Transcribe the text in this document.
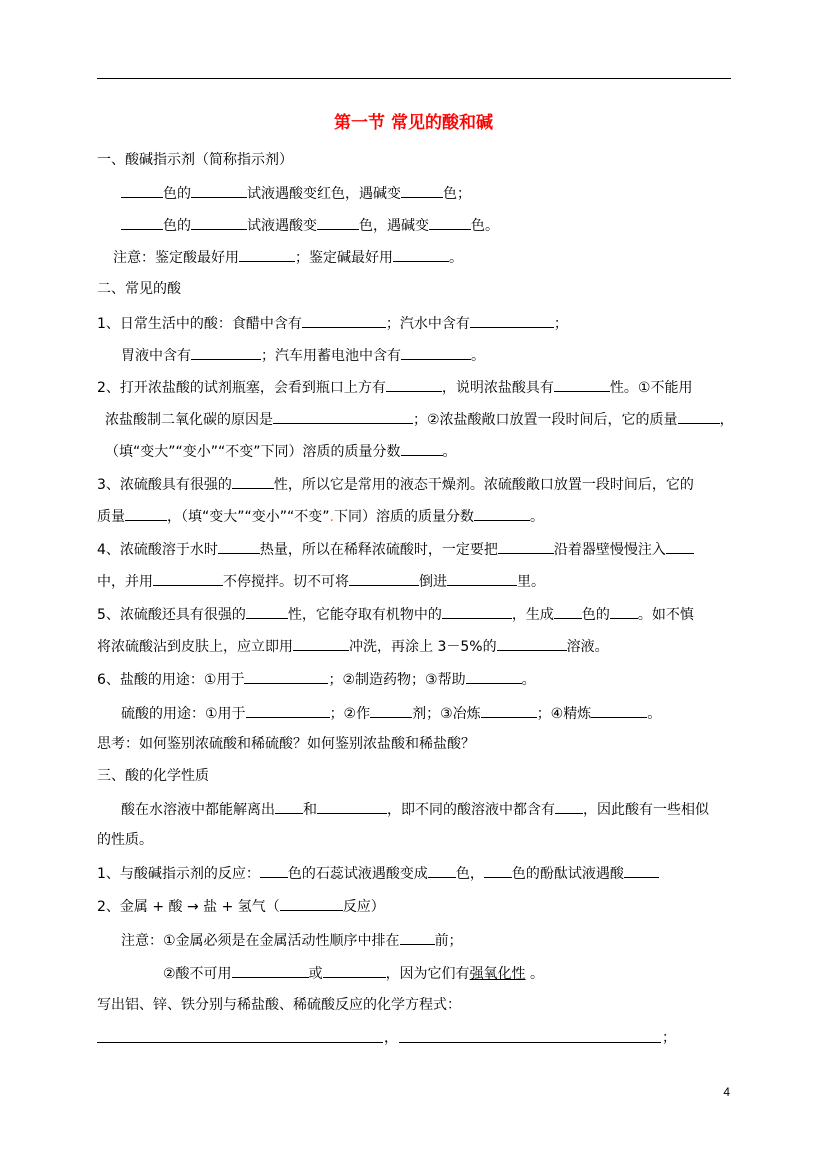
第一节 常见的酸和碱
一、酸碱指示剂（简称指示剂）
色的	试液遇酸变红色，遇碱变	色；
色的	试液遇酸变	色，遇碱变	色。
注意：鉴定酸最好用	；鉴定碱最好用	。
二、常见的酸
1、日常生活中的酸：食醋中含有	；汽水中含有	；
胃液中含有	；汽车用蓄电池中含有	。
2、打开浓盐酸的试剂瓶塞，会看到瓶口上方有	，说明浓盐酸具有	性。①不能用
浓盐酸制二氧化碳的原因是	；②浓盐酸敞口放置一段时间后，它的质量	，
（填“变大”“变小”“不变”下同）溶质的质量分数	。
3、浓硫酸具有很强的	性，所以它是常用的液态干燥剂。浓硫酸敞口放置一段时间后，它的
质量	，（填“变大”“变小”“不变”.下同）溶质的质量分数	。
4、浓硫酸溶于水时	热量，所以在稀释浓硫酸时，一定要把	沿着器壁慢慢注入
中，并用	不停搅拌。切不可将	倒进	里。
5、浓硫酸还具有很强的	性，它能夺取有机物中的	，生成 色的 。如不慎
将浓硫酸沾到皮肤上，应立即用	冲洗，再涂上 3－5%的	溶液。
6、盐酸的用途：①用于	；②制造药物；③帮助	。
硫酸的用途：①用于	；②作	剂；③冶炼	；④精炼	。
思考：如何鉴别浓硫酸和稀硫酸？如何鉴别浓盐酸和稀盐酸？
三、酸的化学性质
酸在水溶液中都能解离出 和	，即不同的酸溶液中都含有 ，因此酸有一些相似
的性质。
1、与酸碱指示剂的反应： 色的石蕊试液遇酸变成 色， 色的酚酞试液遇酸
2、金属 + 酸 → 盐 + 氢气（	反应）
注意：①金属必须是在金属活动性顺序中排在	前；
②酸不可用	或	，因为它们有强氧化性 。
写出铝、锌、铁分别与稀盐酸、稀硫酸反应的化学方程式：
，	；
4
